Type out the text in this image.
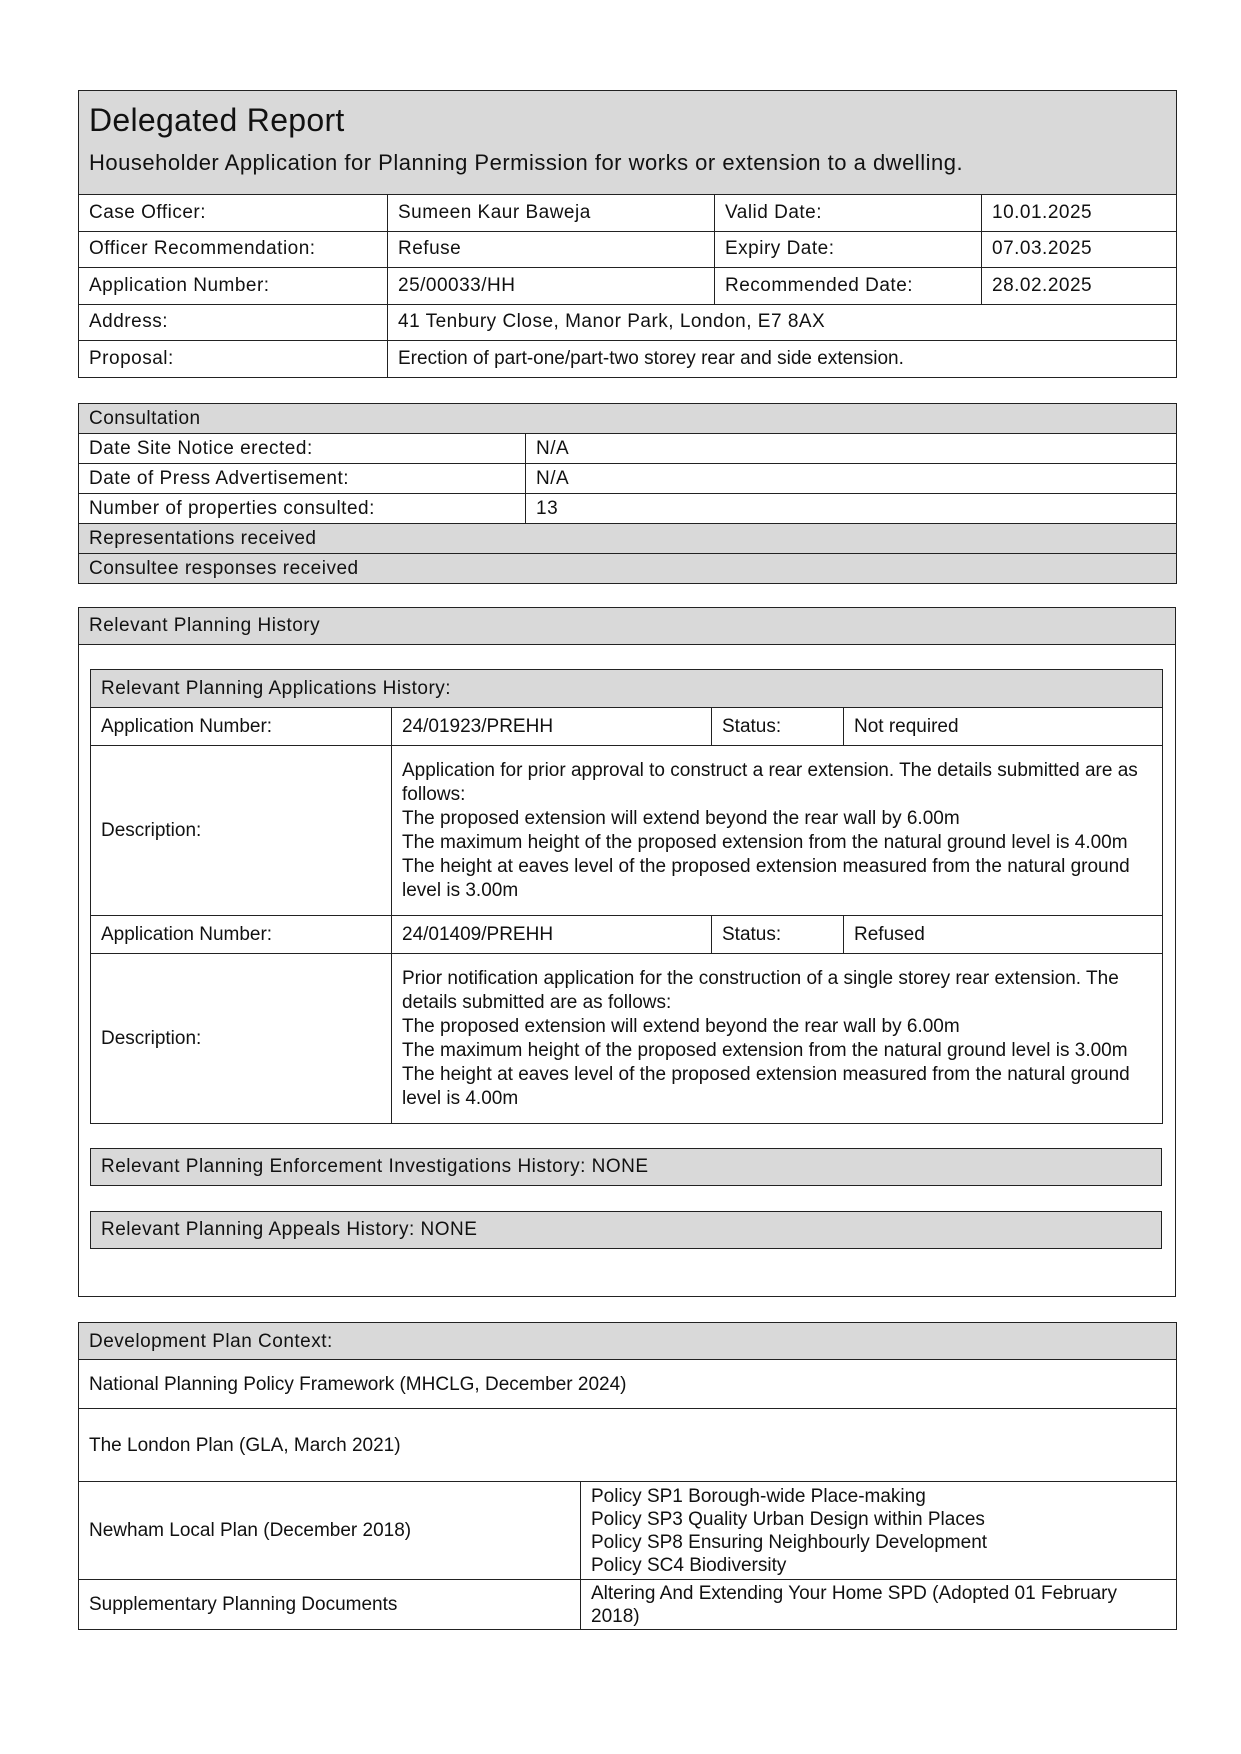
Delegated Report
Householder Application for Planning Permission for works or extension to a dwelling.			

Case Officer:	Sumeen Kaur Baweja	Valid Date:	10.01.2025
Officer Recommendation:	Refuse	Expiry Date:	07.03.2025
Application Number:	25/00033/HH	Recommended Date:	28.02.2025
Address:	41 Tenbury Close, Manor Park, London, E7 8AX		
Proposal:	Erection of part-one/part-two storey rear and side extension.		
Consultation	
Date Site Notice erected:	N/A
Date of Press Advertisement:	N/A
Number of properties consulted:	13
Representations received	
Consultee responses received	
Relevant Planning History
Relevant Planning Applications History:			
Application Number:	24/01923/PREHH	Status:	Not required
Description:	Application for prior approval to construct a rear extension. The details submitted are as follows:
The proposed extension will extend beyond the rear wall by 6.00m
The maximum height of the proposed extension from the natural ground level is 4.00m
The height at eaves level of the proposed extension measured from the natural ground level is 3.00m		

Application Number:	24/01409/PREHH	Status:	Refused
Description:	Prior notification application for the construction of a single storey rear extension. The details submitted are as follows:
The proposed extension will extend beyond the rear wall by 6.00m
The maximum height of the proposed extension from the natural ground level is 3.00m
The height at eaves level of the proposed extension measured from the natural ground level is 4.00m		
Relevant Planning Enforcement Investigations History: NONE
Relevant Planning Appeals History: NONE
Development Plan Context:	
National Planning Policy Framework (MHCLG, December 2024)	
The London Plan (GLA, March 2021)	
Newham Local Plan (December 2018)	Policy SP1 Borough-wide Place-making
Policy SP3 Quality Urban Design within Places
Policy SP8 Ensuring Neighbourly Development
Policy SC4 Biodiversity

Supplementary Planning Documents	Altering And Extending Your Home SPD (Adopted 01 February 2018)
